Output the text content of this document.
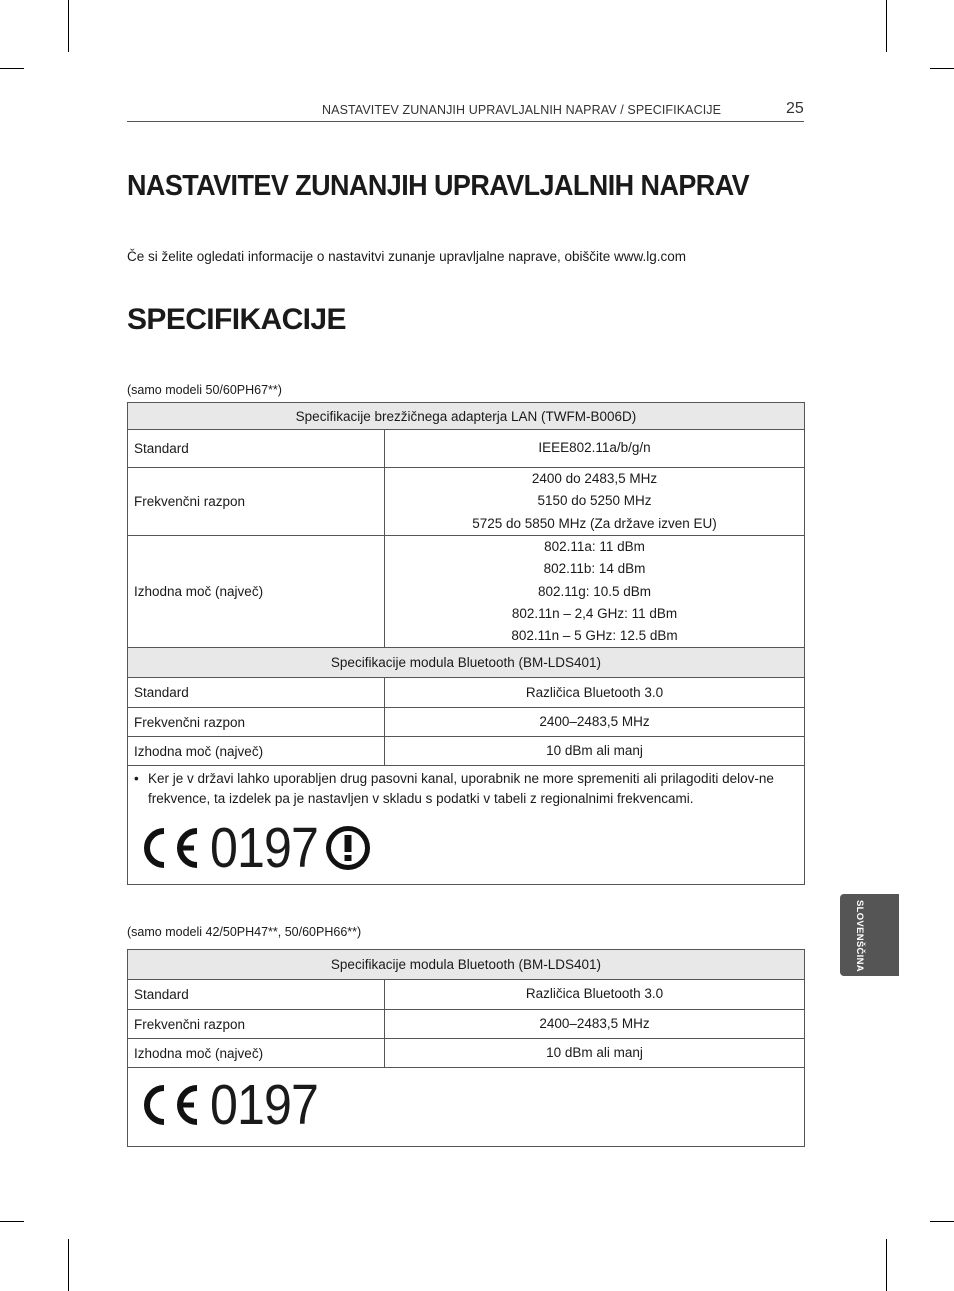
NASTAVITEV ZUNANJIH UPRAVLJALNIH NAPRAV / SPECIFIKACIJE	25
NASTAVITEV ZUNANJIH UPRAVLJALNIH NAPRAV

Če si želite ogledati informacije o nastavitvi zunanje upravljalne naprave, obiščite www.lg.com

SPECIFIKACIJE

(samo modeli 50/60PH67**)

Specifikacije brezžičnega adapterja LAN (TWFM-B006D)	
Standard	IEEE802.11a/b/g/n

Frekvenčni razpon	2400 do 2483,5 MHz
5150 do 5250 MHz
5725 do 5850 MHz (Za države izven EU)

Izhodna moč (največ)	802.11a: 11 dBm
802.11b: 14 dBm
802.11g: 10.5 dBm
802.11n – 2,4 GHz: 11 dBm
802.11n – 5 GHz: 12.5 dBm

Specifikacije modula Bluetooth (BM-LDS401)	
Standard	Različica Bluetooth 3.0
Frekvenčni razpon	2400–2483,5 MHz
Izhodna moč (največ)	10 dBm ali manj

• Ker je v državi lahko uporabljen drug pasovni kanal, uporabnik ne more spremeniti ali prilagoditi delov-ne frekvence, ta izdelek pa je nastavljen v skladu s podatki v tabeli z regionalnimi frekvencami.

0197	

(samo modeli 42/50PH47**, 50/60PH66**)

Specifikacije modula Bluetooth (BM-LDS401)	
Standard	Različica Bluetooth 3.0
Frekvenčni razpon	2400–2483,5 MHz
Izhodna moč (največ)	10 dBm ali manj

0197	
SLOVENŠČINA
